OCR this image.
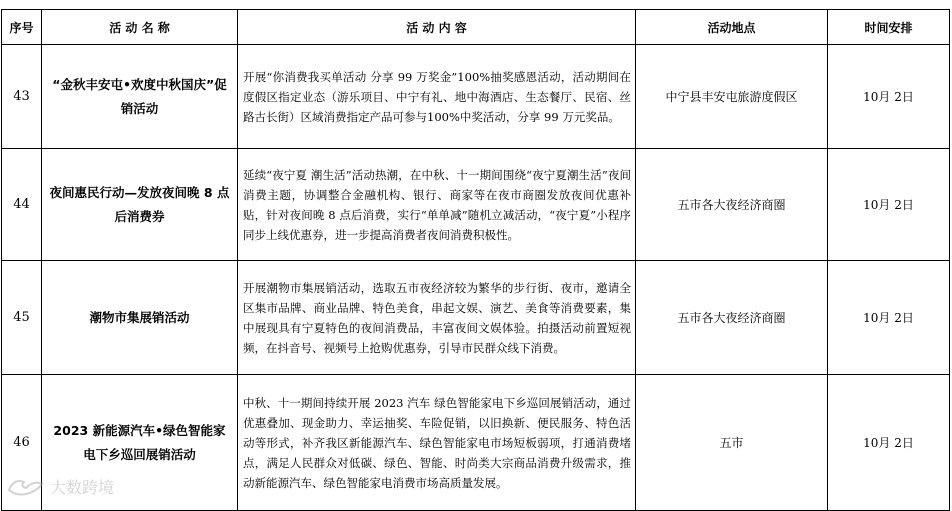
序号	活 动 名 称	活 动 内 容	活动地点	时间安排
43	“金秋丰安屯•欢度中秋国庆”促销活动	开展“你消费我买单活动 分享 99 万奖金”100%抽奖感恩活动，活动期间在度假区指定业态（游乐项目、中宁有礼、地中海酒店、生态餐厅、民宿、丝路古长街）区域消费指定产品可参与100%中奖活动，分享 99 万元奖品。	中宁县丰安屯旅游度假区	10月 2日
44	夜间惠民行动—发放夜间晚 8 点后消费券	延续“夜宁夏 潮生活”活动热潮，在中秋、十一期间围绕“夜宁夏潮生活”夜间消费主题，协调整合金融机构、银行、商家等在夜市商圈发放夜间优惠补贴，针对夜间晚 8 点后消费，实行“单单减”随机立减活动，“夜宁夏”小程序同步上线优惠券，进一步提高消费者夜间消费积极性。	五市各大夜经济商圈	10月 2日
45	潮物市集展销活动	开展潮物市集展销活动，选取五市夜经济较为繁华的步行街、夜市，邀请全区集市品牌、商业品牌、特色美食，串起文娱、演艺、美食等消费要素，集中展现具有宁夏特色的夜间消费品，丰富夜间文娱体验。拍摄活动前置短视频，在抖音号、视频号上抢购优惠券，引导市民群众线下消费。	五市各大夜经济商圈	10月 2日
46	2023 新能源汽车•绿色智能家电下乡巡回展销活动	中秋、十一期间持续开展 2023 汽车 绿色智能家电下乡巡回展销活动，通过优惠叠加、现金助力、幸运抽奖、车险促销，以旧换新、便民服务、特色活动等形式，补齐我区新能源汽车、绿色智能家电市场短板弱项，打通消费堵点，满足人民群众对低碳、绿色、智能、时尚类大宗商品消费升级需求，推动新能源汽车、绿色智能家电消费市场高质量发展。	五市	10月 2日
大数跨境
